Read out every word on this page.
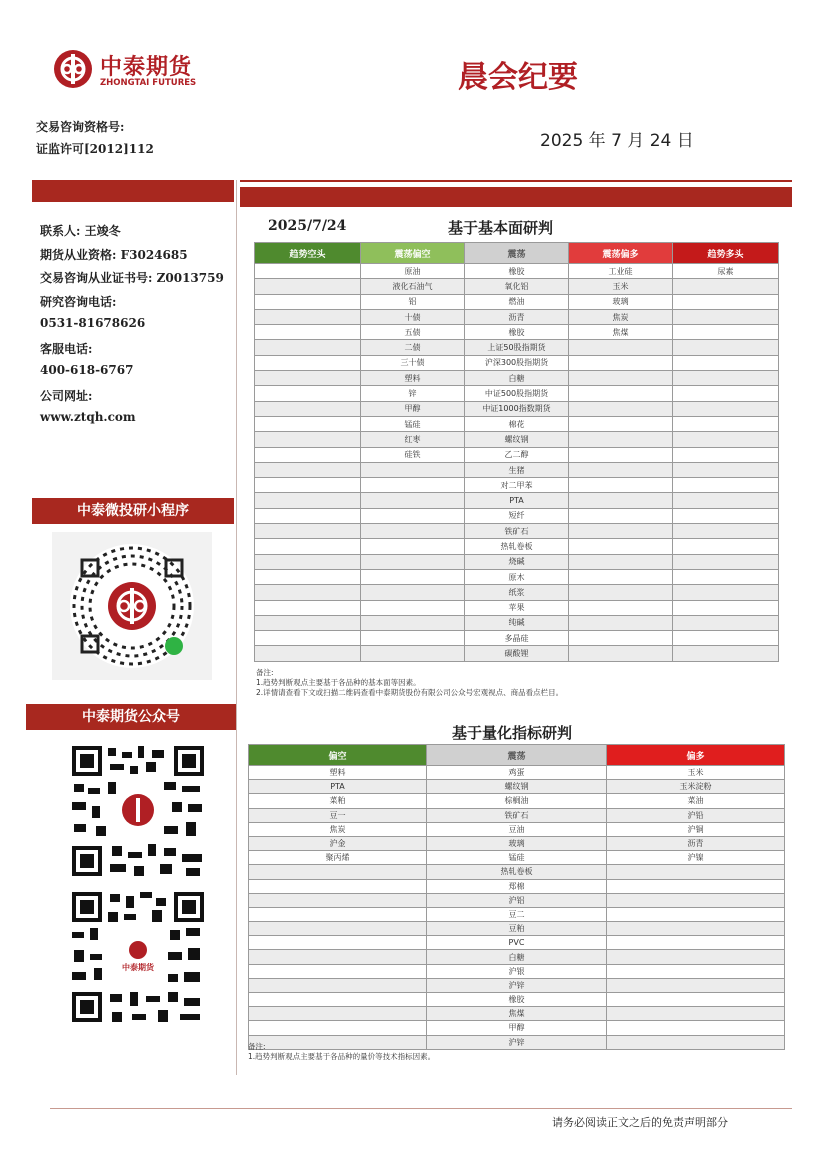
中泰期货
ZHONGTAI FUTURES	晨会纪要
交易咨询资格号:
证监许可[2012]112	2025 年 7 月 24 日
联系人: 王竣冬
期货从业资格: F3024685
交易咨询从业证书号: Z0013759
研究咨询电话:
0531-81678626
客服电话:
400-618-6767
公司网址:
www.ztqh.com
中泰微投研小程序
中泰期货公众号
中泰期货
2025/7/24	基于基本面研判
趋势空头	震荡偏空	震荡	震荡偏多	趋势多头
	原油	橡胶	工业硅	尿素
	液化石油气	氧化铝	玉米	
	铝	燃油	玻璃	
	十债	沥青	焦炭	
	五债	橡胶	焦煤	
	二债	上证50股指期货		
	三十债	沪深300股指期货		
	塑料	白糖		
	锌	中证500股指期货		
	甲醇	中证1000指数期货		
	锰硅	棉花		
	红枣	螺纹钢		
	硅铁	乙二醇		
		生猪		
		对二甲苯		
		PTA		
		短纤		
		铁矿石		
		热轧卷板		
		烧碱		
		原木		
		纸浆		
		苹果		
		纯碱		
		多晶硅		
		碳酸锂		
备注:
1.趋势判断观点主要基于各品种的基本面等因素。
2.详情请查看下文或扫描二维码查看中泰期货股份有限公司公众号宏观视点、商品看点栏目。
基于量化指标研判
偏空	震荡	偏多
塑料	鸡蛋	玉米
PTA	螺纹钢	玉米淀粉
菜粕	棕榈油	菜油
豆一	铁矿石	沪铅
焦炭	豆油	沪铜
沪金	玻璃	沥青
聚丙烯	锰硅	沪镍
	热轧卷板	
	郑棉	
	沪铝	
	豆二	
	豆粕	
	PVC	
	白糖	
	沪银	
	沪锌	
	橡胶	
	焦煤	
	甲醇	
	沪锌	
备注:
1.趋势判断观点主要基于各品种的量价等技术指标因素。
请务必阅读正文之后的免责声明部分
